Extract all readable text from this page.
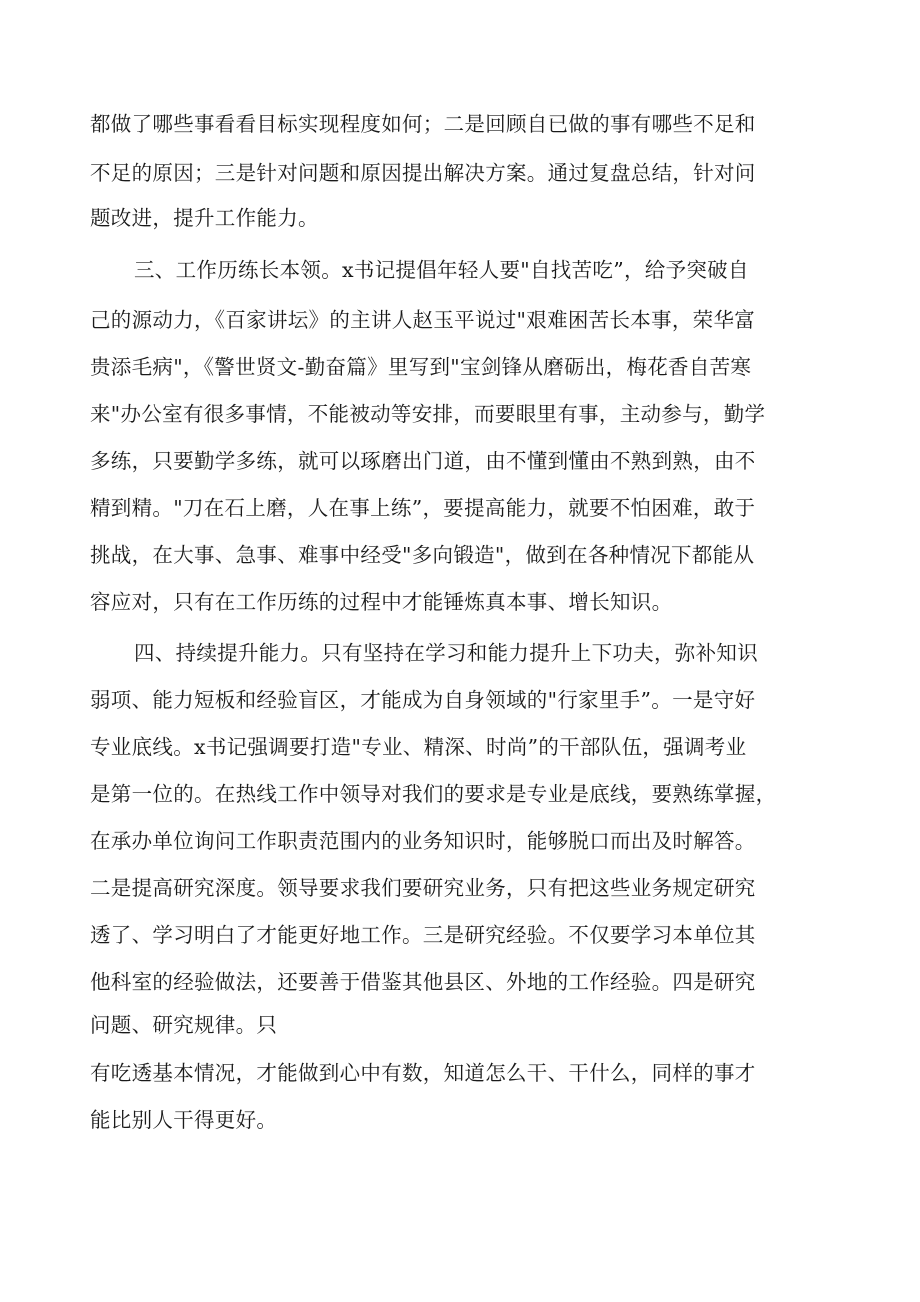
都做了哪些事看看目标实现程度如何；二是回顾自已做的事有哪些不足和
不足的原因；三是针对问题和原因提出解决方案。通过复盘总结，针对问
题改进，提升工作能力。
三、工作历练长本领。x书记提倡年轻人要"自找苦吃”，给予突破自
己的源动力，《百家讲坛》的主讲人赵玉平说过"艰难困苦长本事，荣华富
贵添毛病"，《警世贤文-勤奋篇》里写到"宝剑锋从磨砺出，梅花香自苦寒
来"办公室有很多事情，不能被动等安排，而要眼里有事，主动参与，勤学
多练，只要勤学多练，就可以琢磨出门道，由不懂到懂由不熟到熟，由不
精到精。"刀在石上磨，人在事上练”，要提高能力，就要不怕困难，敢于
挑战，在大事、急事、难事中经受"多向锻造"，做到在各种情况下都能从
容应对，只有在工作历练的过程中才能锤炼真本事、增长知识。
四、持续提升能力。只有坚持在学习和能力提升上下功夫，弥补知识
弱项、能力短板和经验盲区，才能成为自身领域的"行家里手”。一是守好
专业底线。x书记强调要打造"专业、精深、时尚”的干部队伍，强调考业
是第一位的。在热线工作中领导对我们的要求是专业是底线，要熟练掌握，
在承办单位询问工作职责范围内的业务知识时，能够脱口而出及时解答。
二是提高研究深度。领导要求我们要研究业务，只有把这些业务规定研究
透了、学习明白了才能更好地工作。三是研究经验。不仅要学习本单位其
他科室的经验做法，还要善于借鉴其他县区、外地的工作经验。四是研究
问题、研究规律。只
有吃透基本情况，才能做到心中有数，知道怎么干、干什么，同样的事才
能比别人干得更好。
